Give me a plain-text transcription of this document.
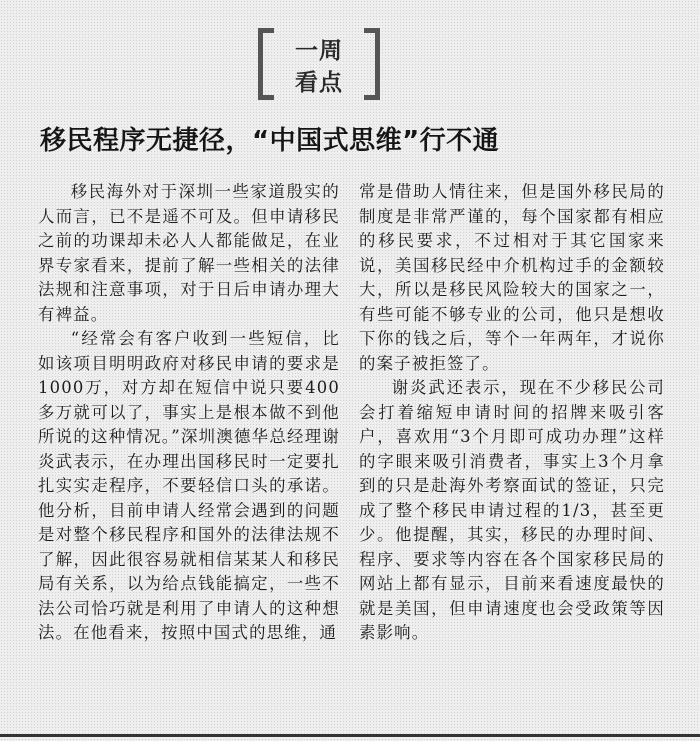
一周
看点
移民程序无捷径，“中国式思维”行不通

移民海外对于深圳一些家道殷实的人而言，已不是遥不可及。但申请移民之前的功课却未必人人都能做足，在业界专家看来，提前了解一些相关的法律法规和注意事项，对于日后申请办理大有裨益。

“经常会有客户收到一些短信，比如该项目明明政府对移民申请的要求是1000万，对方却在短信中说只要400多万就可以了，事实上是根本做不到他所说的这种情况。”深圳澳德华总经理谢炎武表示，在办理出国移民时一定要扎扎实实走程序，不要轻信口头的承诺。他分析，目前申请人经常会遇到的问题是对整个移民程序和国外的法律法规不了解，因此很容易就相信某某人和移民局有关系，以为给点钱能搞定，一些不法公司恰巧就是利用了申请人的这种想法。在他看来，按照中国式的思维，通

常是借助人情往来，但是国外移民局的制度是非常严谨的，每个国家都有相应的移民要求，不过相对于其它国家来说，美国移民经中介机构过手的金额较大，所以是移民风险较大的国家之一，有些可能不够专业的公司，他只是想收下你的钱之后，等个一年两年，才说你的案子被拒签了。

谢炎武还表示，现在不少移民公司会打着缩短申请时间的招牌来吸引客户，喜欢用“3个月即可成功办理”这样的字眼来吸引消费者，事实上3个月拿到的只是赴海外考察面试的签证，只完成了整个移民申请过程的1/3，甚至更少。他提醒，其实，移民的办理时间、程序、要求等内容在各个国家移民局的网站上都有显示，目前来看速度最快的就是美国，但申请速度也会受政策等因素影响。
